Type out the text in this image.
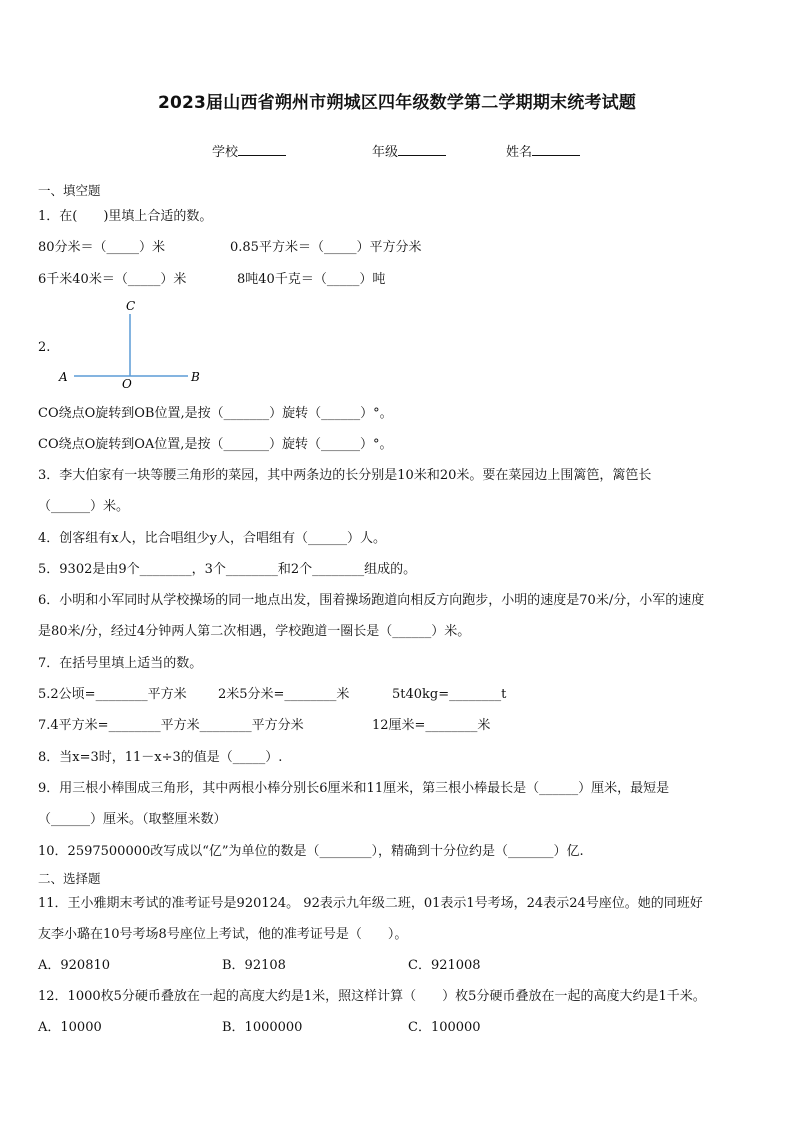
2023届山西省朔州市朔城区四年级数学第二学期期末统考试题
学校	年级	姓名
一、填空题
1．在(　　)里填上合适的数。
80分米＝（_____）米	0.85平方米＝（_____）平方分米
6千米40米＝（_____）米	8吨40千克＝（_____）吨
2.
C
A	O	B
CO绕点O旋转到OB位置,是按（_______）旋转（______）°。
CO绕点O旋转到OA位置,是按（_______）旋转（______）°。
3．李大伯家有一块等腰三角形的菜园，其中两条边的长分别是10米和20米。要在菜园边上围篱笆，篱笆长
（______）米。
4．创客组有x人，比合唱组少y人，合唱组有（______）人。
5．9302是由9个________，3个________和2个________组成的。
6．小明和小军同时从学校操场的同一地点出发，围着操场跑道向相反方向跑步，小明的速度是70米/分，小军的速度
是80米/分，经过4分钟两人第二次相遇，学校跑道一圈长是（______）米。
7．在括号里填上适当的数。
5.2公顷=________平方米 2米5分米=________米	5t40kg=________t
7.4平方米=________平方米________平方分米	12厘米=________米
8．当x=3时，11－x÷3的值是（_____）.
9．用三根小棒围成三角形，其中两根小棒分别长6厘米和11厘米，第三根小棒最长是（______）厘米，最短是
（______）厘米。（取整厘米数）
10．2597500000改写成以“亿”为单位的数是（________），精确到十分位约是（_______）亿.
二、选择题
11．王小雅期末考试的准考证号是920124。 92表示九年级二班，01表示1号考场，24表示24号座位。她的同班好
友李小璐在10号考场8号座位上考试，他的准考证号是（　　）。
A．920810	B．92108	C．921008
12．1000枚5分硬币叠放在一起的高度大约是1米，照这样计算（　　）枚5分硬币叠放在一起的高度大约是1千米。
A．10000	B．1000000	C．100000
